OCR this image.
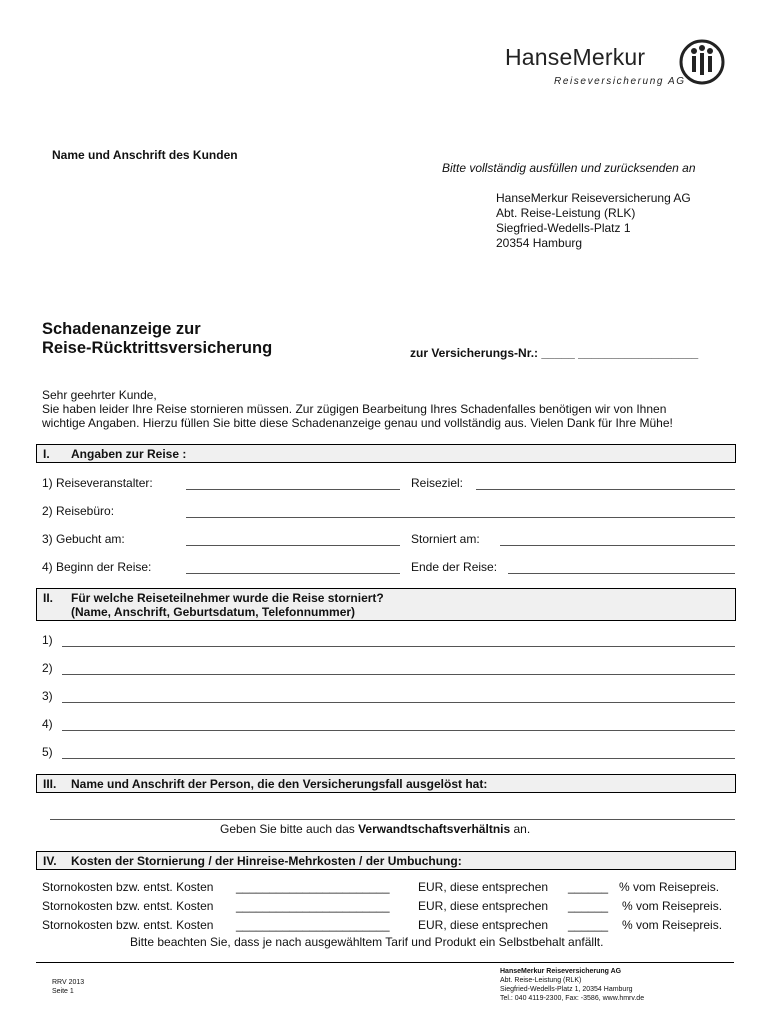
HanseMerkur
Reiseversicherung AG
Name und Anschrift des Kunden
Bitte vollständig ausfüllen und zurücksenden an
HanseMerkur Reiseversicherung AG
Abt. Reise-Leistung (RLK)
Siegfried-Wedells-Platz 1
20354 Hamburg
Schadenanzeige zur
Reise-Rücktrittsversicherung	zur Versicherungs-Nr.: _____ __________________
Sehr geehrter Kunde,
Sie haben leider Ihre Reise stornieren müssen. Zur zügigen Bearbeitung Ihres Schadenfalles benötigen wir von Ihnen
wichtige Angaben. Hierzu füllen Sie bitte diese Schadenanzeige genau und vollständig aus. Vielen Dank für Ihre Mühe!
I. Angaben zur Reise :
1) Reiseveranstalter:	Reiseziel:
2) Reisebüro:
3) Gebucht am:	Storniert am:
4) Beginn der Reise:	Ende der Reise:
II. Für welche Reiseteilnehmer wurde die Reise storniert?
(Name, Anschrift, Geburtsdatum, Telefonnummer)
1)
2)
3)
4)
5)
III. Name und Anschrift der Person, die den Versicherungsfall ausgelöst hat:
Geben Sie bitte auch das Verwandtschaftsverhältnis an.
IV. Kosten der Stornierung / der Hinreise-Mehrkosten / der Umbuchung:
Stornokosten bzw. entst. Kosten _______________________ EUR, diese entsprechen ______ % vom Reisepreis.
Stornokosten bzw. entst. Kosten _______________________ EUR, diese entsprechen ______ % vom Reisepreis.
Stornokosten bzw. entst. Kosten _______________________ EUR, diese entsprechen ______ % vom Reisepreis.
Bitte beachten Sie, dass je nach ausgewähltem Tarif und Produkt ein Selbstbehalt anfällt.
RRV 2013
Seite 1
HanseMerkur Reiseversicherung AG
Abt. Reise-Leistung (RLK)
Siegfried-Wedells-Platz 1, 20354 Hamburg
Tel.: 040 4119-2300, Fax: -3586, www.hmrv.de
